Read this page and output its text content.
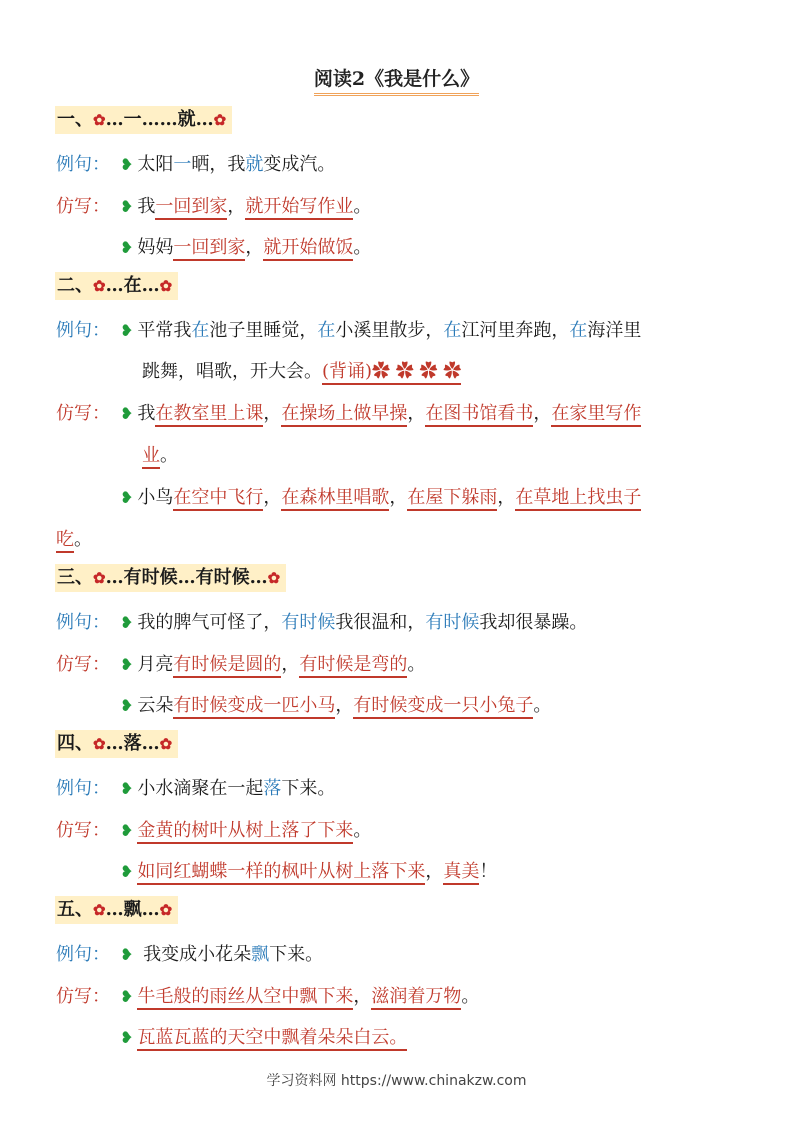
阅读2《我是什么》
一、✿…一……就…✿
例句： ❥ 太阳一晒，我就变成汽。
仿写： ❥ 我一回到家，就开始写作业。
❥ 妈妈一回到家，就开始做饭。
二、✿…在…✿
例句： ❥ 平常我在池子里睡觉，在小溪里散步，在江河里奔跑，在海洋里
跳舞，唱歌，开大会。(背诵)✿ ✿ ✿ ✿
仿写： ❥ 我在教室里上课，在操场上做早操，在图书馆看书，在家里写作
业。
❥ 小鸟在空中飞行，在森林里唱歌，在屋下躲雨，在草地上找虫子
吃。
三、✿…有时候…有时候…✿
例句： ❥ 我的脾气可怪了，有时候我很温和，有时候我却很暴躁。
仿写： ❥ 月亮有时候是圆的，有时候是弯的。
❥ 云朵有时候变成一匹小马，有时候变成一只小兔子。
四、✿…落…✿
例句： ❥ 小水滴聚在一起落下来。
仿写： ❥ 金黄的树叶从树上落了下来。
❥ 如同红蝴蝶一样的枫叶从树上落下来，真美！
五、✿…飘…✿
例句： ❥ 我变成小花朵飘下来。
仿写： ❥ 牛毛般的雨丝从空中飘下来，滋润着万物。
❥ 瓦蓝瓦蓝的天空中飘着朵朵白云。
学习资料网 https://www.chinakzw.com
